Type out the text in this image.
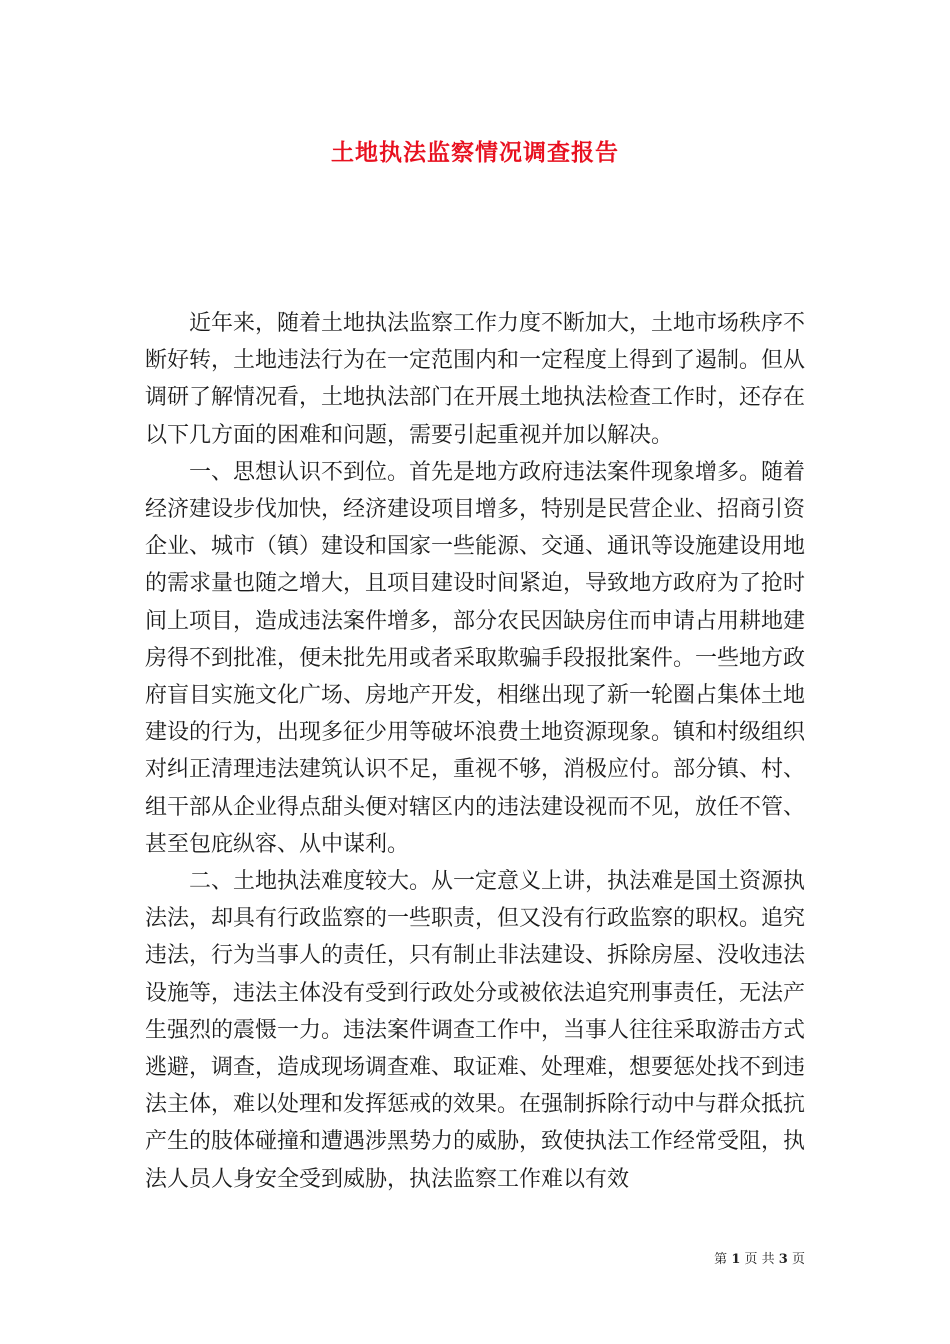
土地执法监察情况调查报告

近年来，随着土地执法监察工作力度不断加大，土地市场秩序不断好转，土地违法行为在一定范围内和一定程度上得到了遏制。但从调研了解情况看，土地执法部门在开展土地执法检查工作时，还存在以下几方面的困难和问题，需要引起重视并加以解决。

一、思想认识不到位。首先是地方政府违法案件现象增多。随着经济建设步伐加快，经济建设项目增多，特别是民营企业、招商引资企业、城市（镇）建设和国家一些能源、交通、通讯等设施建设用地的需求量也随之增大，且项目建设时间紧迫，导致地方政府为了抢时间上项目，造成违法案件增多，部分农民因缺房住而申请占用耕地建房得不到批准，便未批先用或者采取欺骗手段报批案件。一些地方政府盲目实施文化广场、房地产开发，相继出现了新一轮圈占集体土地建设的行为，出现多征少用等破坏浪费土地资源现象。镇和村级组织对纠正清理违法建筑认识不足，重视不够，消极应付。部分镇、村、组干部从企业得点甜头便对辖区内的违法建设视而不见，放任不管、甚至包庇纵容、从中谋利。

二、土地执法难度较大。从一定意义上讲，执法难是国土资源执法法，却具有行政监察的一些职责，但又没有行政监察的职权。追究违法，行为当事人的责任，只有制止非法建设、拆除房屋、没收违法设施等，违法主体没有受到行政处分或被依法追究刑事责任，无法产生强烈的震慑一力。违法案件调查工作中，当事人往往采取游击方式逃避，调查，造成现场调查难、取证难、处理难，想要惩处找不到违法主体，难以处理和发挥惩戒的效果。在强制拆除行动中与群众抵抗产生的肢体碰撞和遭遇涉黑势力的威胁，致使执法工作经常受阻，执法人员人身安全受到威胁，执法监察工作难以有效

第 1 页 共 3 页
